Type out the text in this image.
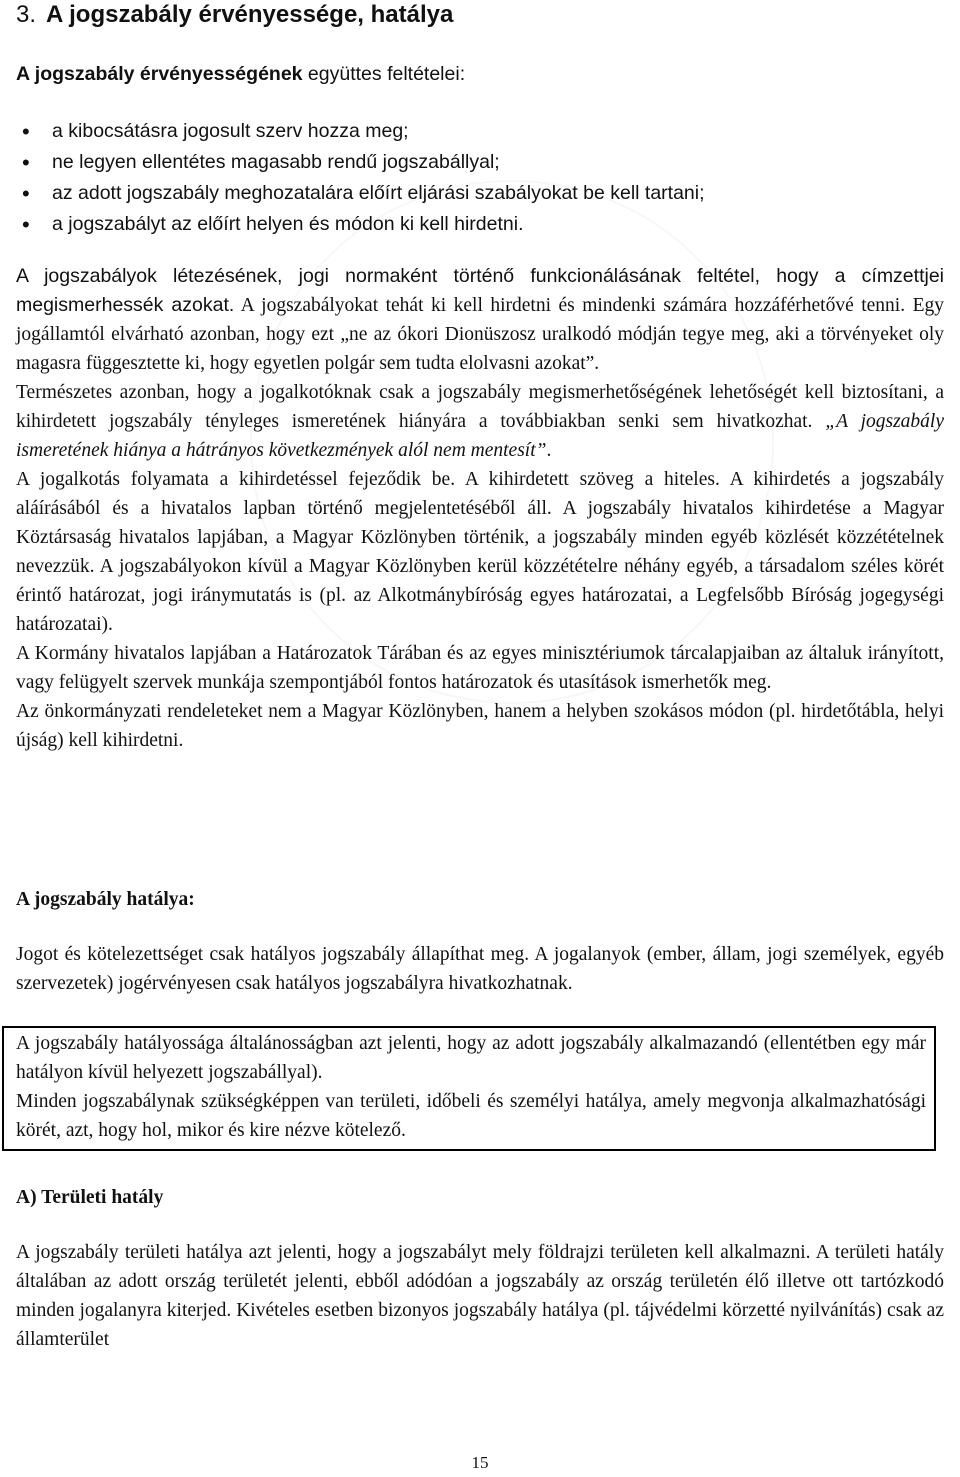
3. A jogszabály érvényessége, hatálya
A jogszabály érvényességének együttes feltételei:
• a kibocsátásra jogosult szerv hozza meg;
• ne legyen ellentétes magasabb rendű jogszabállyal;
• az adott jogszabály meghozatalára előírt eljárási szabályokat be kell tartani;
• a jogszabályt az előírt helyen és módon ki kell hirdetni.

A jogszabályok létezésének, jogi normaként történő funkcionálásának feltétel, hogy a címzettjei megismerhessék azokat. A jogszabályokat tehát ki kell hirdetni és mindenki számára hozzáférhetővé tenni. Egy jogállamtól elvárható azonban, hogy ezt „ne az ókori Dionüszosz uralkodó módján tegye meg, aki a törvényeket oly magasra függesztette ki, hogy egyetlen polgár sem tudta elolvasni azokat”.

Természetes azonban, hogy a jogalkotóknak csak a jogszabály megismerhetőségének lehetőségét kell biztosítani, a kihirdetett jogszabály tényleges ismeretének hiányára a továbbiakban senki sem hivatkozhat. „A jogszabály ismeretének hiánya a hátrányos következmények alól nem mentesít”.

A jogalkotás folyamata a kihirdetéssel fejeződik be. A kihirdetett szöveg a hiteles. A kihirdetés a jogszabály aláírásából és a hivatalos lapban történő megjelentetéséből áll. A jogszabály hivatalos kihirdetése a Magyar Köztársaság hivatalos lapjában, a Magyar Közlönyben történik, a jogszabály minden egyéb közlését közzétételnek nevezzük. A jogszabályokon kívül a Magyar Közlönyben kerül közzétételre néhány egyéb, a társadalom széles körét érintő határozat, jogi iránymutatás is (pl. az Alkotmánybíróság egyes határozatai, a Legfelsőbb Bíróság jogegységi határozatai).

A Kormány hivatalos lapjában a Határozatok Tárában és az egyes minisztériumok tárcalapjaiban az általuk irányított, vagy felügyelt szervek munkája szempontjából fontos határozatok és utasítások ismerhetők meg.

Az önkormányzati rendeleteket nem a Magyar Közlönyben, hanem a helyben szokásos módon (pl. hirdetőtábla, helyi újság) kell kihirdetni.

A jogszabály hatálya:

Jogot és kötelezettséget csak hatályos jogszabály állapíthat meg. A jogalanyok (ember, állam, jogi személyek, egyéb szervezetek) jogérvényesen csak hatályos jogszabályra hivatkozhatnak.

A jogszabály hatályossága általánosságban azt jelenti, hogy az adott jogszabály alkalmazandó (ellentétben egy már hatályon kívül helyezett jogszabállyal).

Minden jogszabálynak szükségképpen van területi, időbeli és személyi hatálya, amely megvonja alkalmazhatósági körét, azt, hogy hol, mikor és kire nézve kötelező.

A) Területi hatály

A jogszabály területi hatálya azt jelenti, hogy a jogszabályt mely földrajzi területen kell alkalmazni. A területi hatály általában az adott ország területét jelenti, ebből adódóan a jogszabály az ország területén élő illetve ott tartózkodó minden jogalanyra kiterjed. Kivételes esetben bizonyos jogszabály hatálya (pl. tájvédelmi körzetté nyilvánítás) csak az államterület

15
